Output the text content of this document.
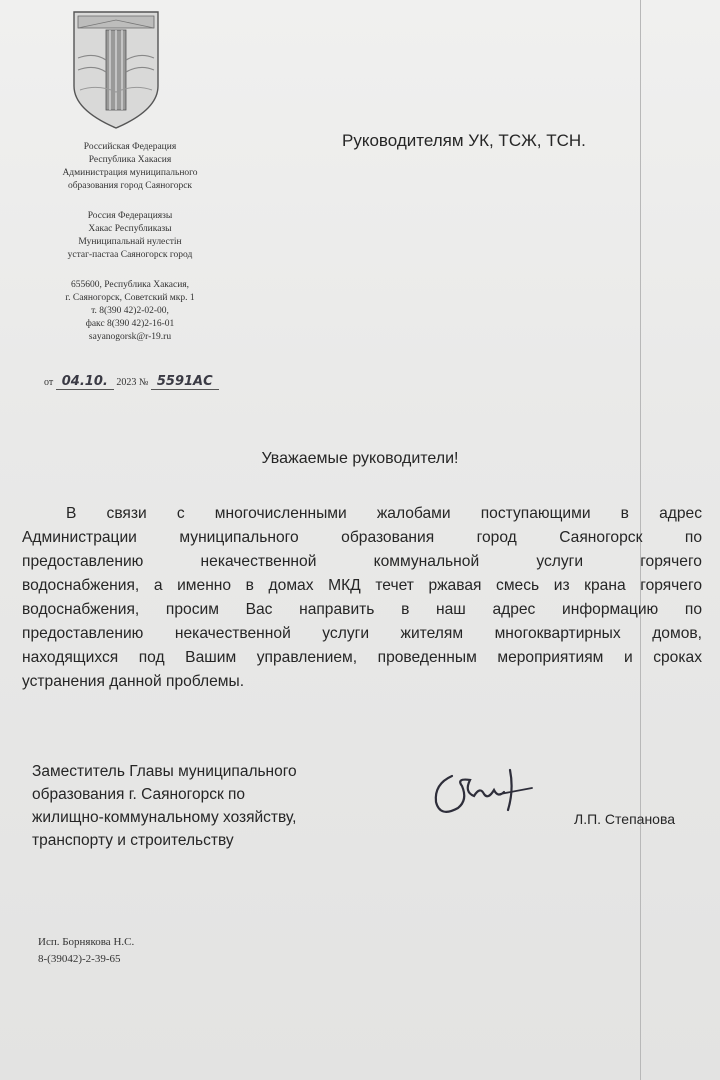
Российская Федерация
Республика Хакасия
Администрация муниципального
образования город Саяногорск
Россия Федерациязы
Хакас Республиказы
Муниципальнай нулестiн
устаг-пастаа Саяногорск город
655600, Республика Хакасия,
г. Саяногорск, Советский мкр. 1
т. 8(390 42)2-02-00,
факс 8(390 42)2-16-01
sayanogorsk@r-19.ru
от 04.10. 2023 № 5591АС
Руководителям УК, ТСЖ, ТСН.
Уважаемые руководители!
В связи с многочисленными жалобами поступающими в адрес
Администрации муниципального образования город Саяногорск по
предоставлению некачественной коммунальной услуги горячего
водоснабжения, а именно в домах МКД течет ржавая смесь из крана горячего
водоснабжения, просим Вас направить в наш адрес информацию по
предоставлению некачественной услуги жителям многоквартирных домов,
находящихся под Вашим управлением, проведенным мероприятиям и сроках
устранения данной проблемы.
Заместитель Главы муниципального
образования г. Саяногорск по
жилищно-коммунальному хозяйству,
транспорту и строительству
Л.П. Степанова
Исп. Борнякова Н.С.
8-(39042)-2-39-65
